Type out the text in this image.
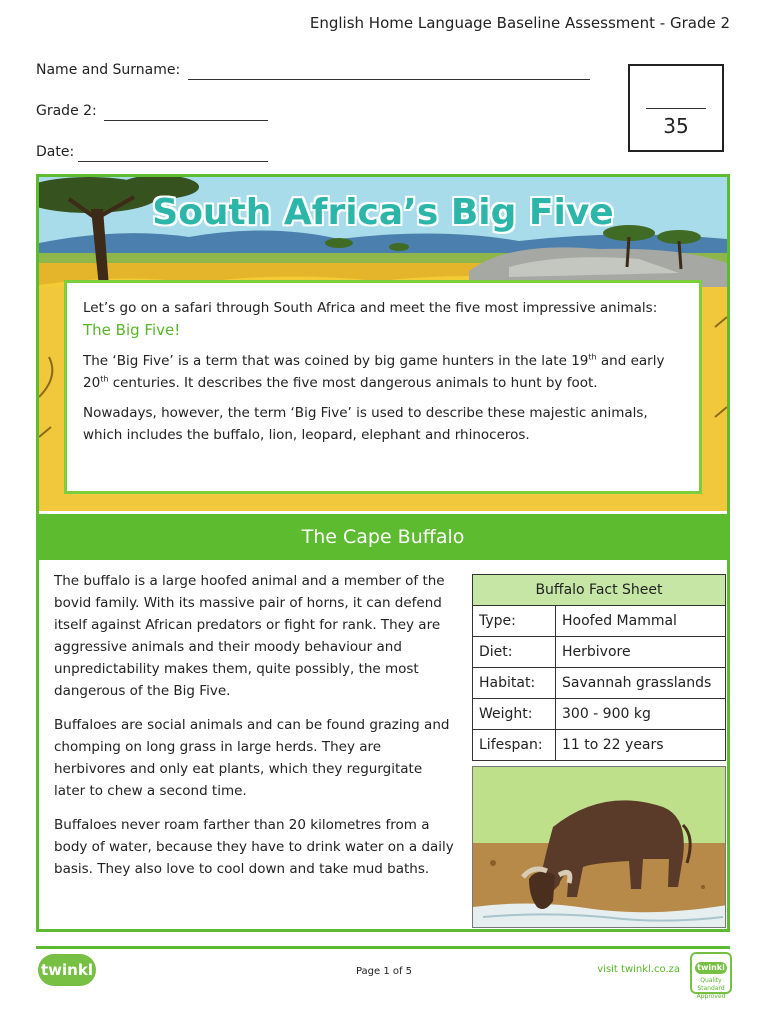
English Home Language Baseline Assessment - Grade 2
Name and Surname:
Grade 2:
Date:
35
South Africa’s Big Five

Let’s go on a safari through South Africa and meet the five most impressive animals: The Big Five!

The ‘Big Five’ is a term that was coined by big game hunters in the late 19th and early 20th centuries. It describes the five most dangerous animals to hunt by foot.

Nowadays, however, the term ‘Big Five’ is used to describe these majestic animals, which includes the buffalo, lion, leopard, elephant and rhinoceros.

The Cape Buffalo

The buffalo is a large hoofed animal and a member of the bovid family. With its massive pair of horns, it can defend itself against African predators or fight for rank. They are aggressive animals and their moody behaviour and unpredictability makes them, quite possibly, the most dangerous of the Big Five.

Buffaloes are social animals and can be found grazing and chomping on long grass in large herds. They are herbivores and only eat plants, which they regurgitate later to chew a second time.

Buffaloes never roam farther than 20 kilometres from a body of water, because they have to drink water on a daily basis. They also love to cool down and take mud baths.

Buffalo Fact Sheet	
Type:	Hoofed Mammal
Diet:	Herbivore
Habitat:	Savannah grasslands
Weight:	300 - 900 kg
Lifespan:	11 to 22 years
twinkl	Page 1 of 5	visit twinkl.co.za twinkl
Quality Standard Approved
